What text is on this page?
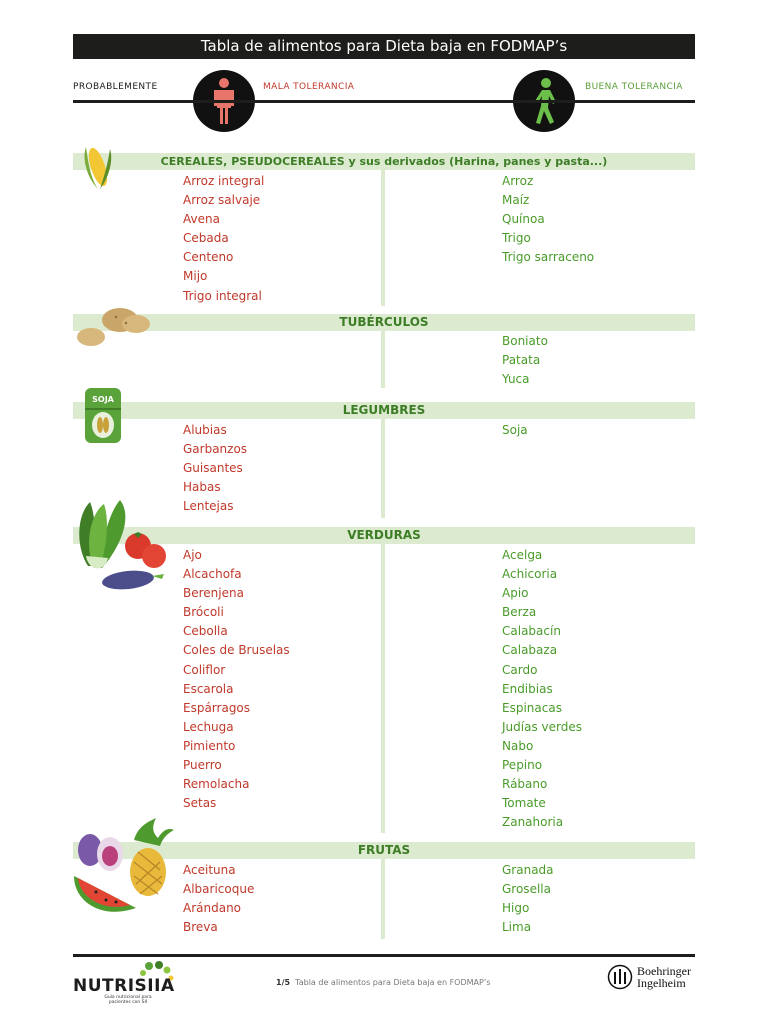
Tabla de alimentos para Dieta baja en FODMAP’s
PROBABLEMENTE	MALA TOLERANCIA	BUENA TOLERANCIA
CEREALES, PSEUDOCEREALES y sus derivados (Harina, panes y pasta...)
Arroz integral
Arroz salvaje
Avena
Cebada
Centeno
Mijo
Trigo integral
Arroz
Maíz
Quínoa
Trigo
Trigo sarraceno
TUBÉRCULOS
Boniato
Patata
Yuca
LEGUMBRES
Alubias
Garbanzos
Guisantes
Habas
Lentejas
Soja
SOJA
VERDURAS
Ajo
Alcachofa
Berenjena
Brócoli
Cebolla
Coles de Bruselas
Coliflor
Escarola
Espárragos
Lechuga
Pimiento
Puerro
Remolacha
Setas
Acelga
Achicoria
Apio
Berza
Calabacín
Calabaza
Cardo
Endibias
Espinacas
Judías verdes
Nabo
Pepino
Rábano
Tomate
Zanahoria
FRUTAS
Aceituna
Albaricoque
Arándano
Breva
Granada
Grosella
Higo
Lima
NUTRISIIA
Guía nutricional para pacientes con SII
1/5 Tabla de alimentos para Dieta baja en FODMAP’s
Boehringer
Ingelheim
